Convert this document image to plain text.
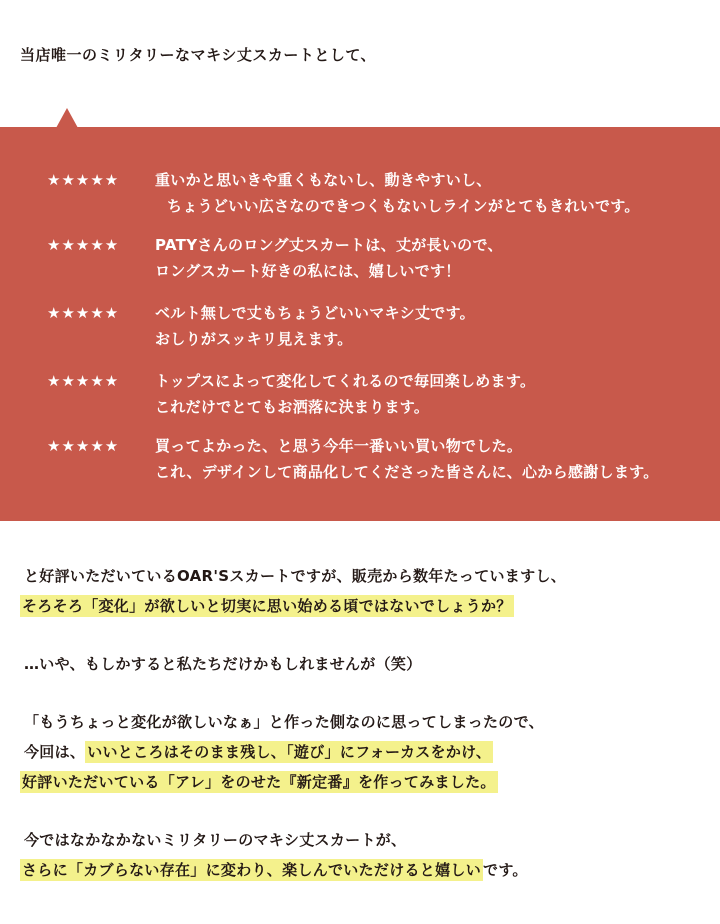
当店唯一のミリタリーなマキシ丈スカートとして、
★★★★★ 重いかと思いきや重くもないし、動きやすいし、
ちょうどいい広さなのできつくもないしラインがとてもきれいです。
★★★★★ PATYさんのロング丈スカートは、丈が長いので、
ロングスカート好きの私には、嬉しいです！
★★★★★ ベルト無しで丈もちょうどいいマキシ丈です。
おしりがスッキリ見えます。
★★★★★ トップスによって変化してくれるので毎回楽しめます。
これだけでとてもお洒落に決まります。
★★★★★ 買ってよかった、と思う今年一番いい買い物でした。
これ、デザインして商品化してくださった皆さんに、心から感謝します。
と好評いただいているOAR'Sスカートですが、販売から数年たっていますし、
そろそろ「変化」が欲しいと切実に思い始める頃ではないでしょうか？
…いや、もしかすると私たちだけかもしれませんが（笑）
「もうちょっと変化が欲しいなぁ」と作った側なのに思ってしまったので、
今回は、 いいところはそのまま残し、「遊び」にフォーカスをかけ、
好評いただいている「アレ」をのせた『新定番』を作ってみました。
今ではなかなかないミリタリーのマキシ丈スカートが、
さらに「カブらない存在」に変わり、楽しんでいただけると嬉しい です。
